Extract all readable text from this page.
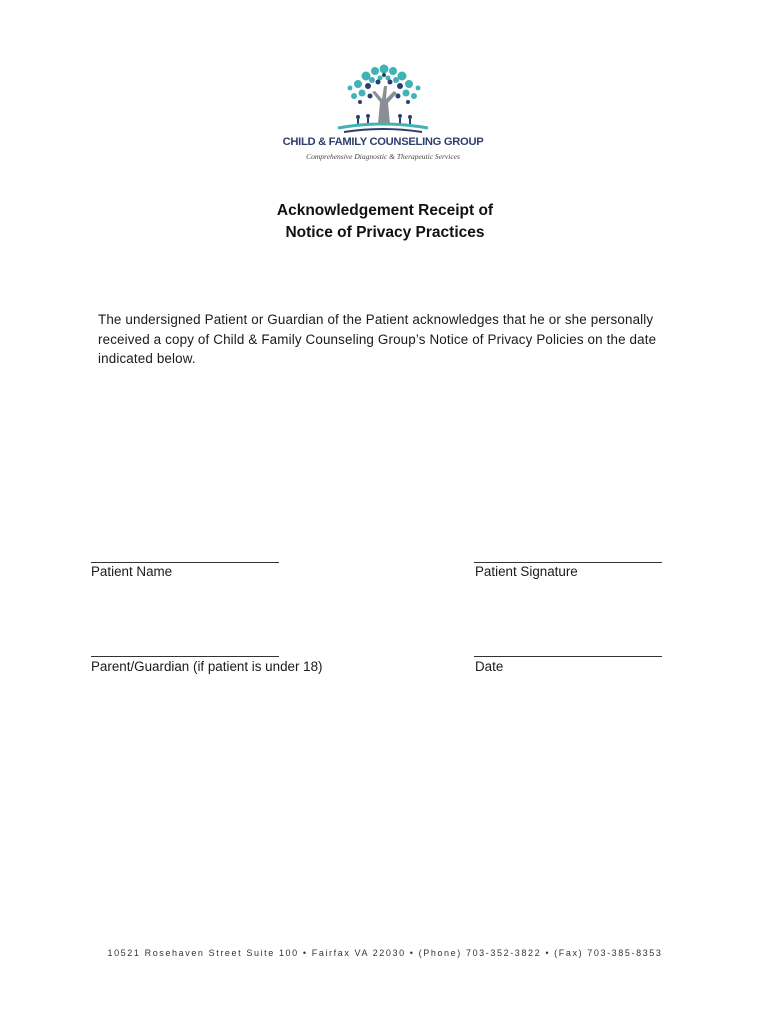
CHILD & FAMILY COUNSELING GROUP
Comprehensive Diagnostic & Therapeutic Services
Acknowledgement Receipt of
Notice of Privacy Practices
The undersigned Patient or Guardian of the Patient acknowledges that he or she personally received a copy of Child & Family Counseling Group’s Notice of Privacy Policies on the date indicated below.
Patient Name	Patient Signature
Parent/Guardian (if patient is under 18)	Date
10521 Rosehaven Street Suite 100 • Fairfax VA 22030 • (Phone) 703-352-3822 • (Fax) 703-385-8353
